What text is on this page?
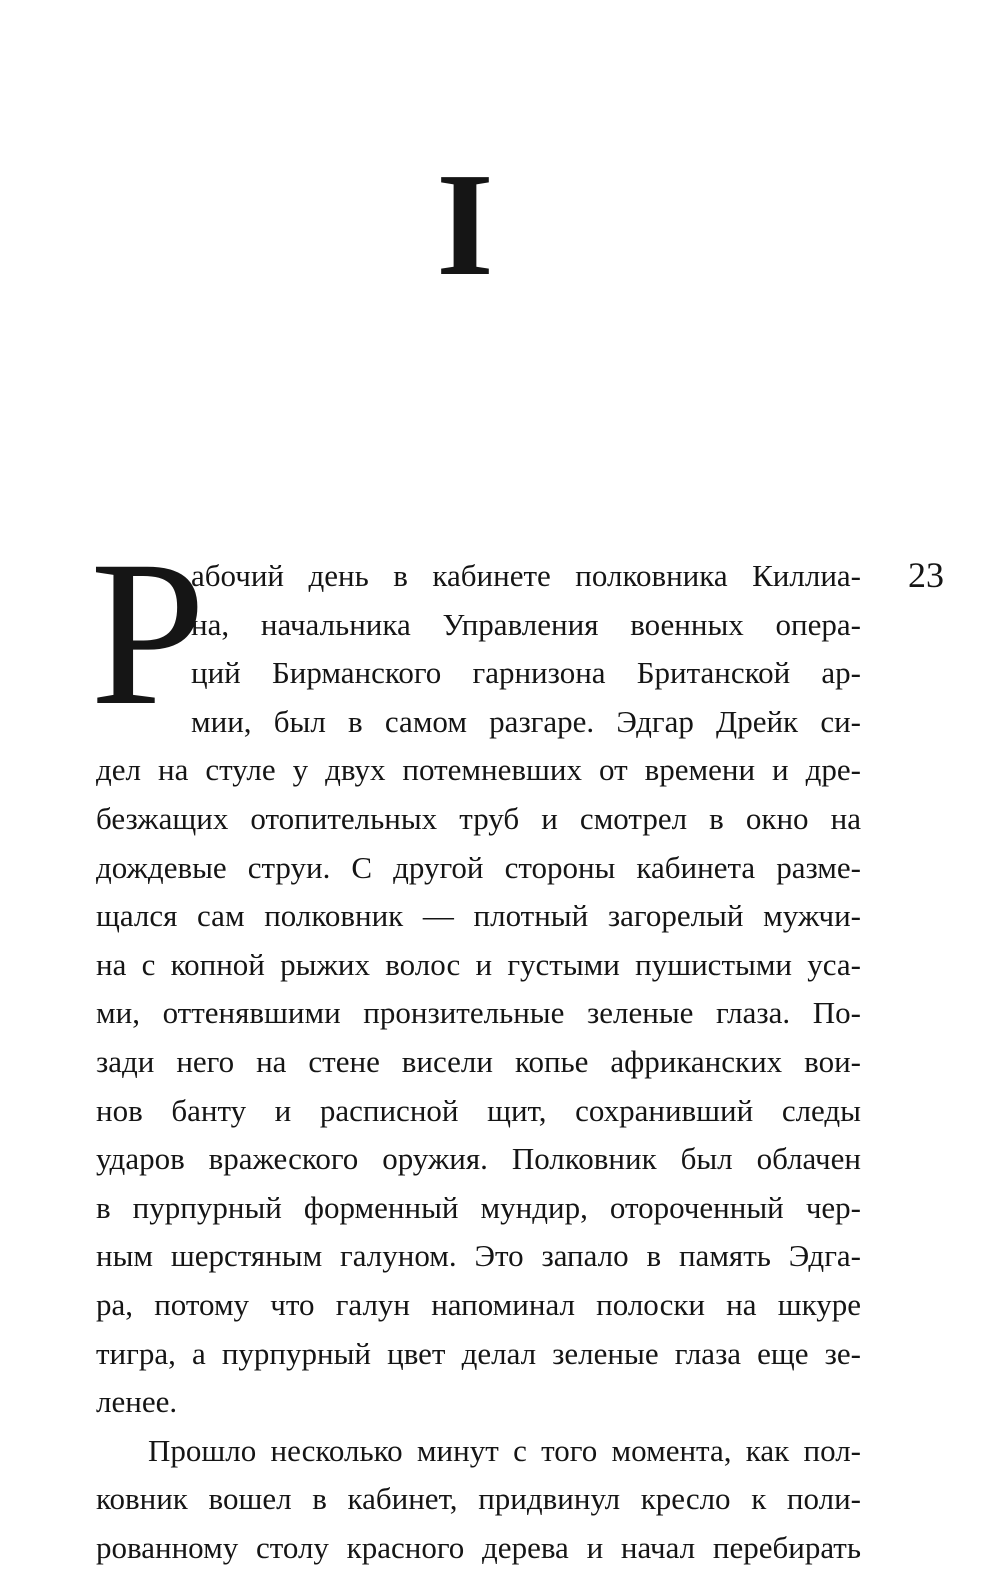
I
23
Р
абочий день в кабинете полковника Киллиа-
на, начальника Управления военных опера-
ций Бирманского гарнизона Британской ар-
мии, был в самом разгаре. Эдгар Дрейк си-
дел на стуле у двух потемневших от времени и дре-
безжащих отопительных труб и смотрел в окно на
дождевые струи. С другой стороны кабинета разме-
щался сам полковник — плотный загорелый мужчи-
на с копной рыжих волос и густыми пушистыми уса-
ми, оттенявшими пронзительные зеленые глаза. По-
зади него на стене висели копье африканских вои-
нов банту и расписной щит, сохранивший следы
ударов вражеского оружия. Полковник был облачен
в пурпурный форменный мундир, отороченный чер-
ным шерстяным галуном. Это запало в память Эдга-
ра, потому что галун напоминал полоски на шкуре
тигра, а пурпурный цвет делал зеленые глаза еще зе-
ленее.
Прошло несколько минут с того момента, как пол-
ковник вошел в кабинет, придвинул кресло к поли-
рованному столу красного дерева и начал перебирать
